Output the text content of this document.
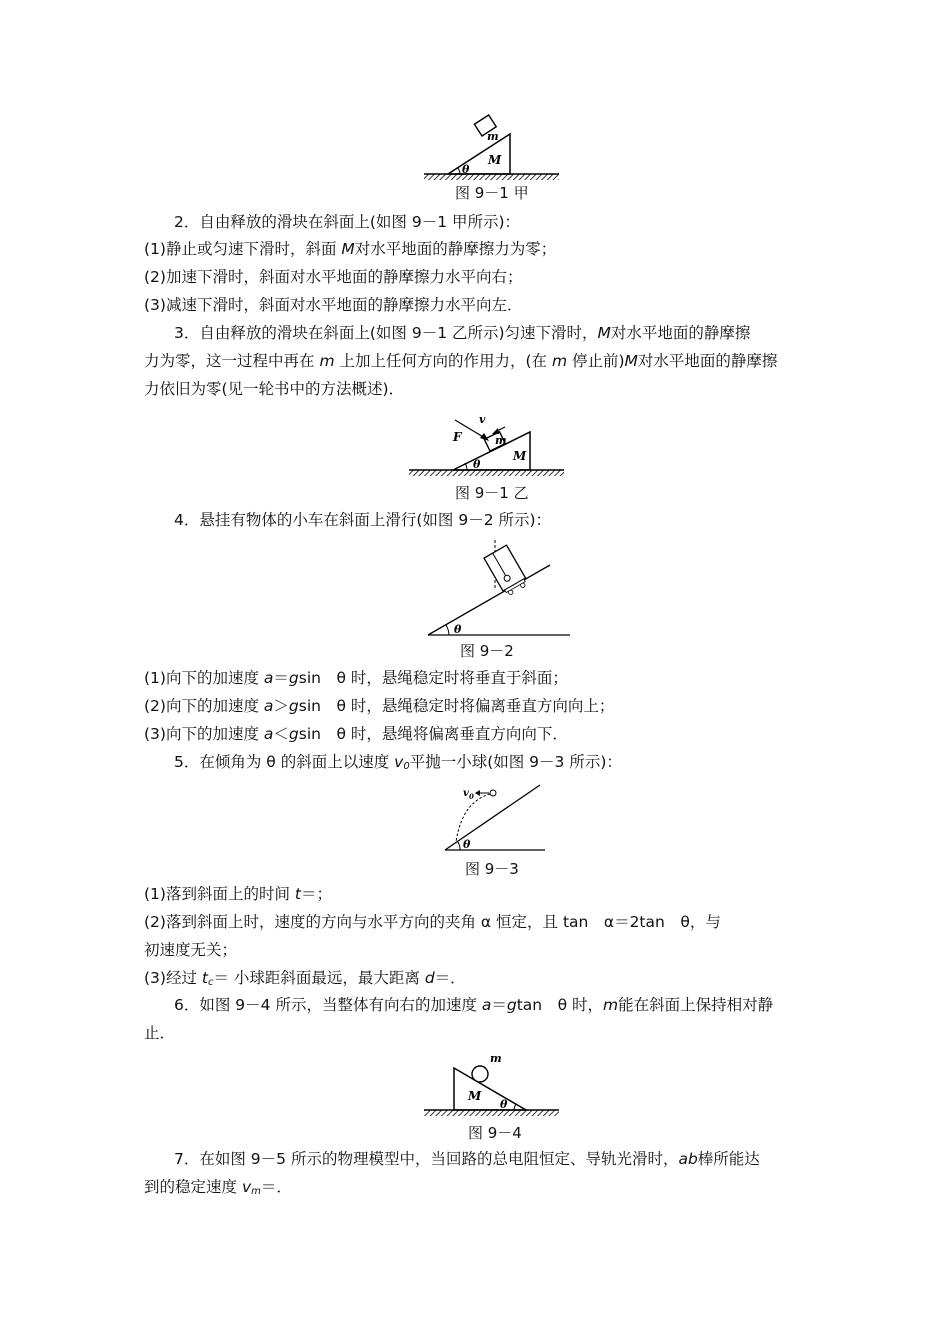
m
M
θ
图 9－1 甲
2．自由释放的滑块在斜面上(如图 9－1 甲所示)：
(1)静止或匀速下滑时，斜面 M对水平地面的静摩擦力为零；
(2)加速下滑时，斜面对水平地面的静摩擦力水平向右；
(3)减速下滑时，斜面对水平地面的静摩擦力水平向左．
3．自由释放的滑块在斜面上(如图 9－1 乙所示)匀速下滑时，M对水平地面的静摩擦
力为零，这一过程中再在 m 上加上任何方向的作用力，(在 m 停止前)M对水平地面的静摩擦
力依旧为零(见一轮书中的方法概述)．
F
v
m
M
θ
图 9－1 乙
4．悬挂有物体的小车在斜面上滑行(如图 9－2 所示)：
θ
图 9－2
(1)向下的加速度 a＝gsin　θ 时，悬绳稳定时将垂直于斜面；
(2)向下的加速度 a＞gsin　θ 时，悬绳稳定时将偏离垂直方向向上；
(3)向下的加速度 a＜gsin　θ 时，悬绳将偏离垂直方向向下．
5．在倾角为 θ 的斜面上以速度 $v_0$平抛一小球(如图 9－3 所示)：
v 0
θ
图 9－3
(1)落到斜面上的时间 t＝；
(2)落到斜面上时，速度的方向与水平方向的夹角 α 恒定，且 tan　α＝2tan　θ，与
初速度无关；
(3)经过 $t_c=$ 小球距斜面最远，最大距离 d＝．
6．如图 9－4 所示，当整体有向右的加速度 a＝gtan　θ 时，m能在斜面上保持相对静
止．
m
M
θ
图 9－4
7．在如图 9－5 所示的物理模型中，当回路的总电阻恒定、导轨光滑时，ab棒所能达
到的稳定速度 $v_m=$．
